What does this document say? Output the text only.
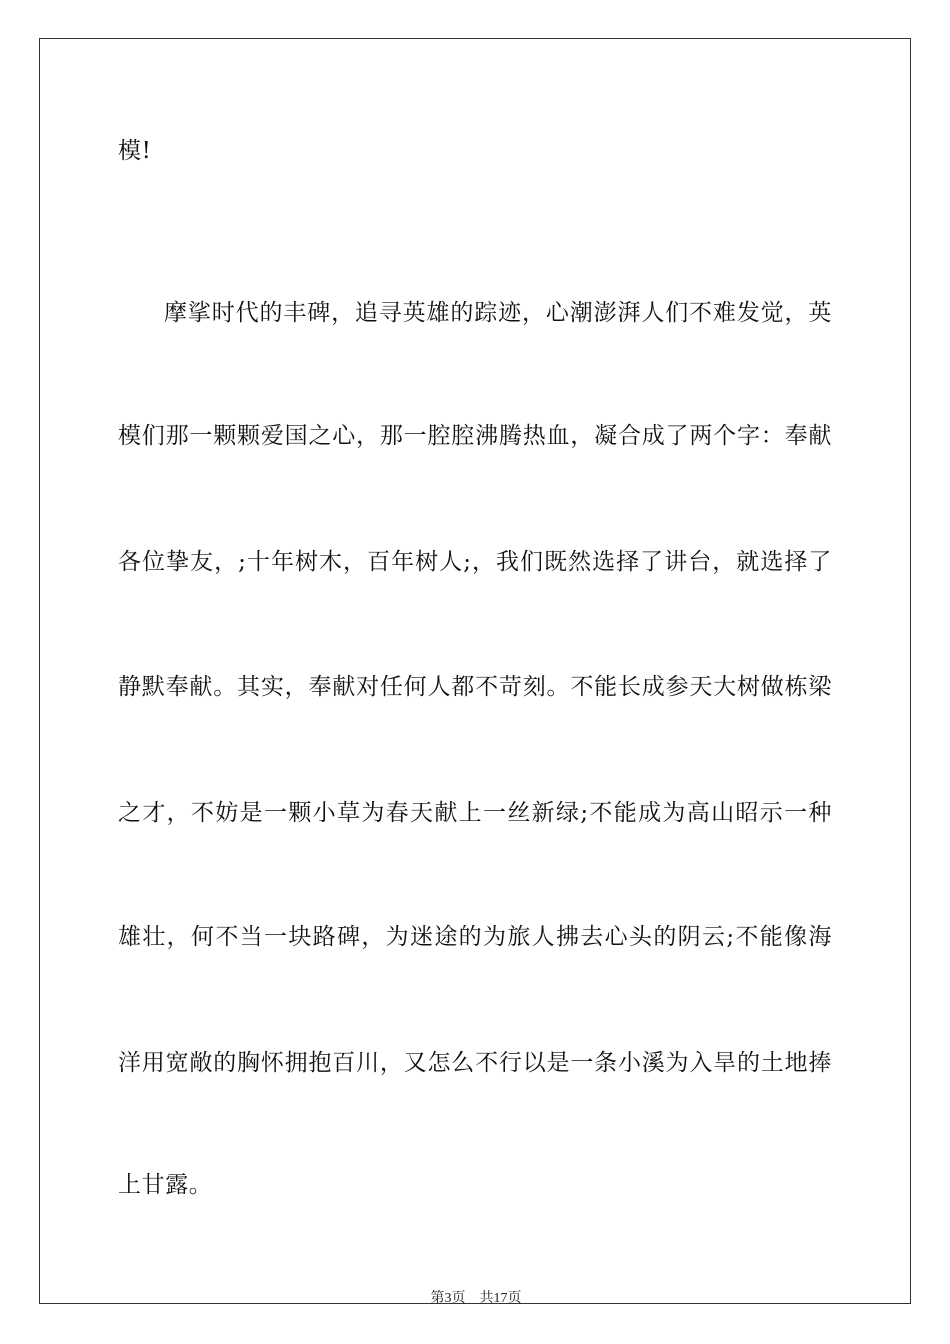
模!
摩挲时代的丰碑，追寻英雄的踪迹，心潮澎湃人们不难发觉，英
模们那一颗颗爱国之心，那一腔腔沸腾热血，凝合成了两个字：奉献
各位挚友，;十年树木，百年树人;，我们既然选择了讲台，就选择了
静默奉献。其实，奉献对任何人都不苛刻。不能长成参天大树做栋梁
之才，不妨是一颗小草为春天献上一丝新绿;不能成为高山昭示一种
雄壮，何不当一块路碑，为迷途的为旅人拂去心头的阴云;不能像海
洋用宽敞的胸怀拥抱百川，又怎么不行以是一条小溪为入旱的土地捧
上甘露。
第3页 共17页
